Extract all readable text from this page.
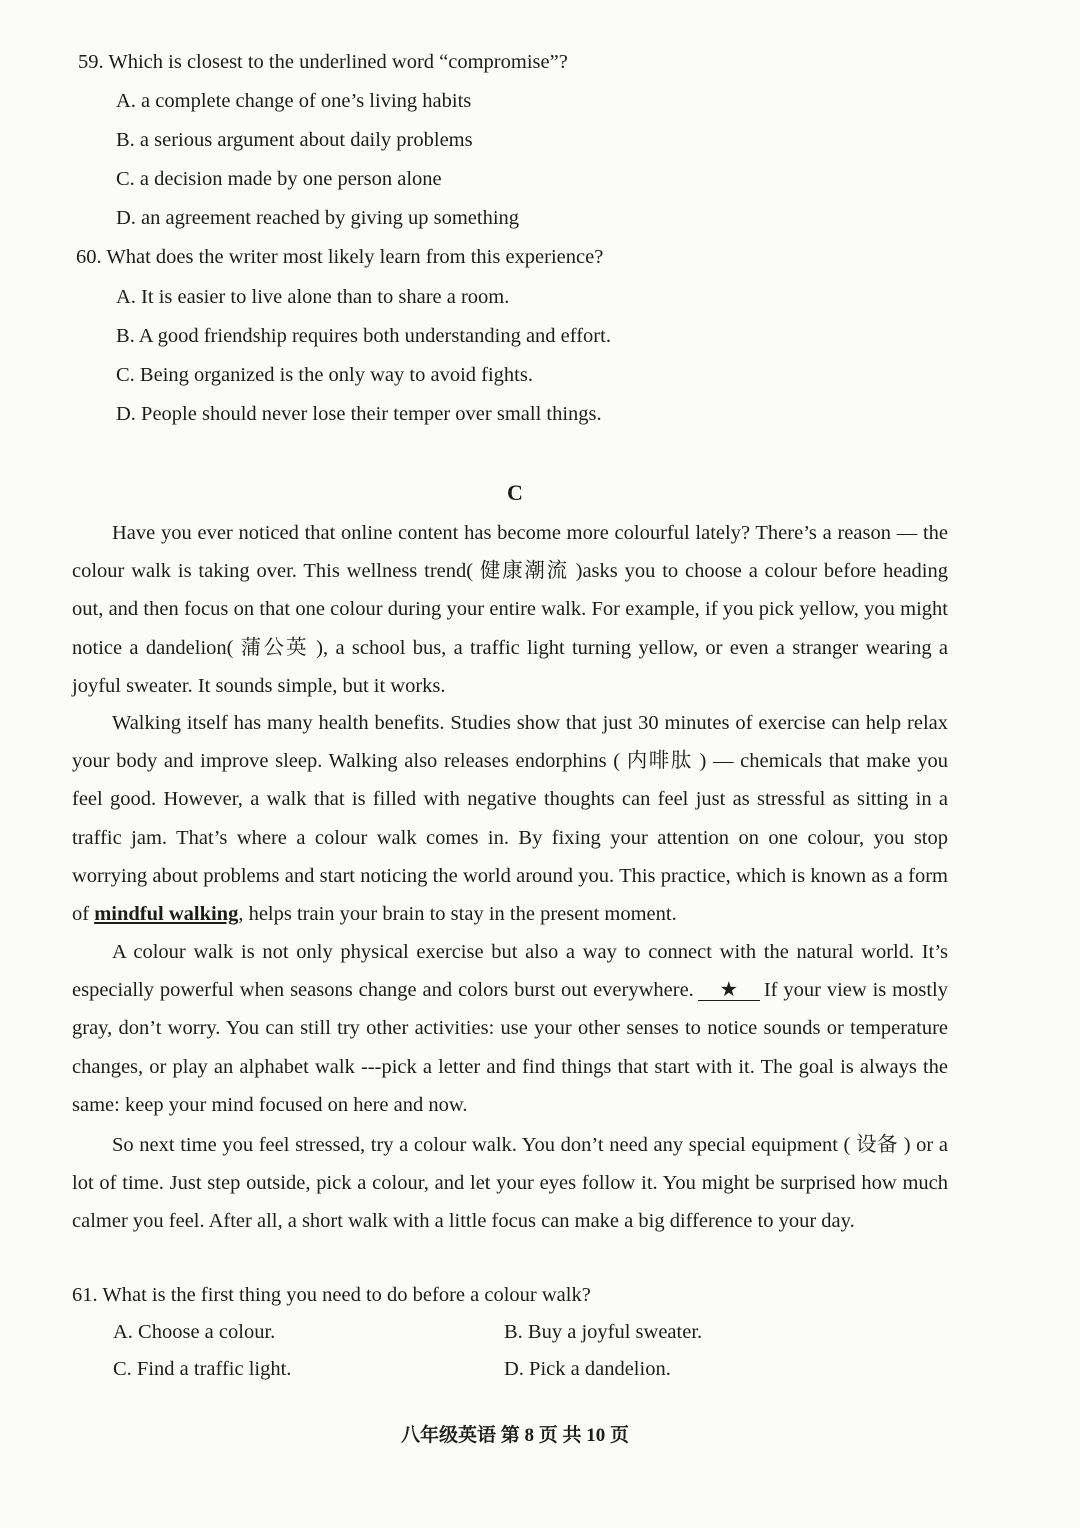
59. Which is closest to the underlined word “compromise”?
A. a complete change of one’s living habits
B. a serious argument about daily problems
C. a decision made by one person alone
D. an agreement reached by giving up something
60. What does the writer most likely learn from this experience?
A. It is easier to live alone than to share a room.
B. A good friendship requires both understanding and effort.
C. Being organized is the only way to avoid fights.
D. People should never lose their temper over small things.
C
Have you ever noticed that online content has become more colourful lately? There’s a reason — the colour walk is taking over. This wellness trend( 健康潮流 )asks you to choose a colour before heading out, and then focus on that one colour during your entire walk. For example, if you pick yellow, you might notice a dandelion( 蒲公英 ), a school bus, a traffic light turning yellow, or even a stranger wearing a joyful sweater. It sounds simple, but it works.
Walking itself has many health benefits. Studies show that just 30 minutes of exercise can help relax your body and improve sleep. Walking also releases endorphins ( 内啡肽 ) — chemicals that make you feel good. However, a walk that is filled with negative thoughts can feel just as stressful as sitting in a traffic jam. That’s where a colour walk comes in. By fixing your attention on one colour, you stop worrying about problems and start noticing the world around you. This practice, which is known as a form of mindful walking, helps train your brain to stay in the present moment.
A colour walk is not only physical exercise but also a way to connect with the natural world. It’s especially powerful when seasons change and colors burst out everywhere. ★ If your view is mostly gray, don’t worry. You can still try other activities: use your other senses to notice sounds or temperature changes, or play an alphabet walk ---pick a letter and find things that start with it. The goal is always the same: keep your mind focused on here and now.
So next time you feel stressed, try a colour walk. You don’t need any special equipment ( 设备 ) or a lot of time. Just step outside, pick a colour, and let your eyes follow it. You might be surprised how much calmer you feel. After all, a short walk with a little focus can make a big difference to your day.
61. What is the first thing you need to do before a colour walk?
A. Choose a colour.	B. Buy a joyful sweater.
C. Find a traffic light.	D. Pick a dandelion.
八年级英语 第 8 页 共 10 页
